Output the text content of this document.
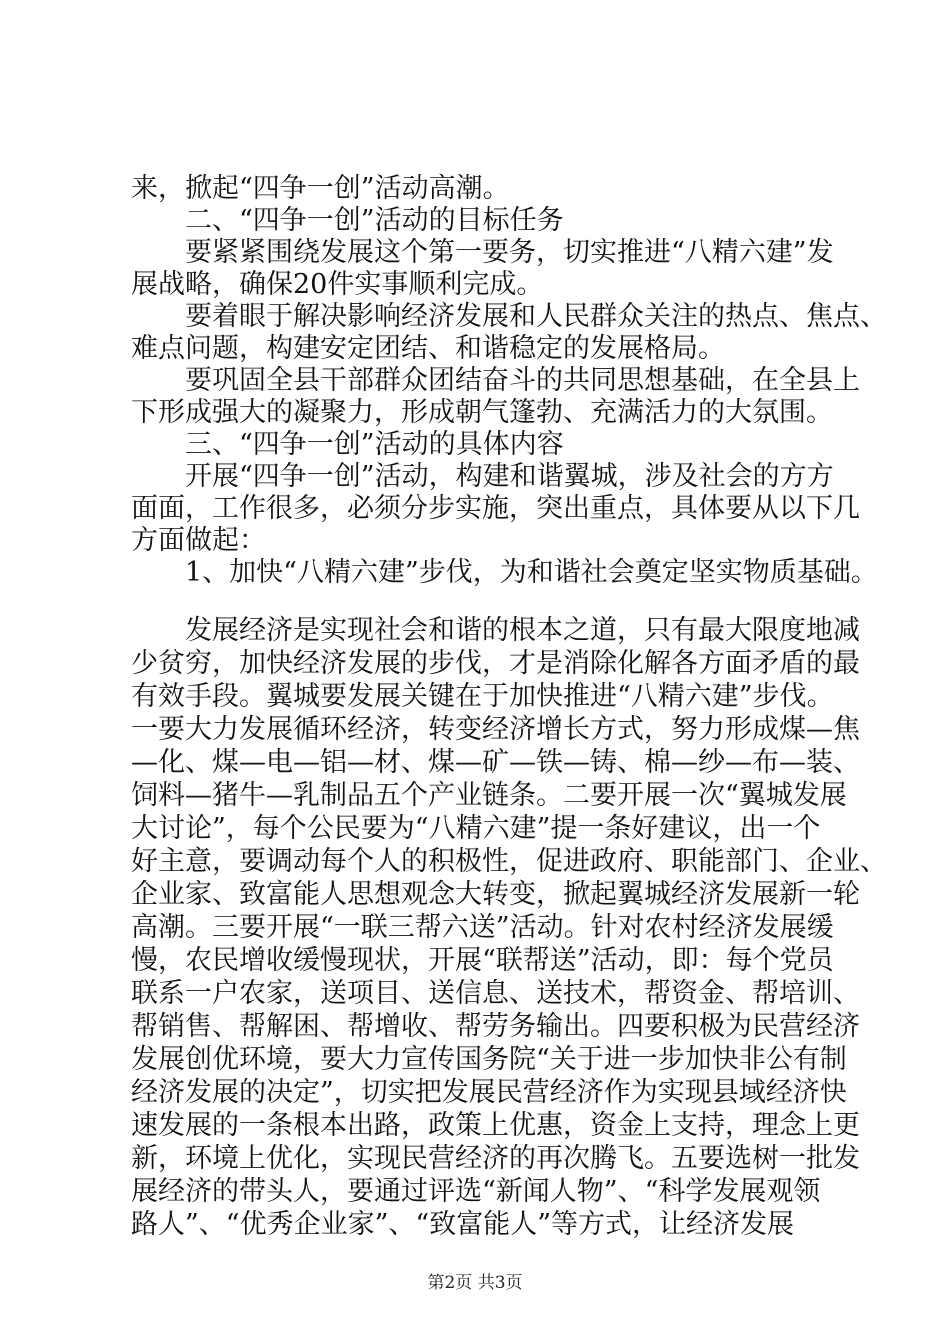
来，掀起“四争一创”活动高潮。
　　二、“四争一创”活动的目标任务
　　要紧紧围绕发展这个第一要务，切实推进“八精六建”发
展战略，确保20件实事顺利完成。
　　要着眼于解决影响经济发展和人民群众关注的热点、焦点、
难点问题，构建安定团结、和谐稳定的发展格局。
　　要巩固全县干部群众团结奋斗的共同思想基础，在全县上
下形成强大的凝聚力，形成朝气篷勃、充满活力的大氛围。
　　三、“四争一创”活动的具体内容
　　开展“四争一创”活动，构建和谐翼城，涉及社会的方方
面面，工作很多，必须分步实施，突出重点，具体要从以下几
方面做起：
　　1、加快“八精六建”步伐，为和谐社会奠定坚实物质基础。
　　发展经济是实现社会和谐的根本之道，只有最大限度地减
少贫穷，加快经济发展的步伐，才是消除化解各方面矛盾的最
有效手段。翼城要发展关键在于加快推进“八精六建”步伐。
一要大力发展循环经济，转变经济增长方式，努力形成煤—焦
—化、煤—电—铝—材、煤—矿—铁—铸、棉—纱—布—装、
饲料—猪牛—乳制品五个产业链条。二要开展一次“翼城发展
大讨论”，每个公民要为“八精六建”提一条好建议，出一个
好主意，要调动每个人的积极性，促进政府、职能部门、企业、
企业家、致富能人思想观念大转变，掀起翼城经济发展新一轮
高潮。三要开展“一联三帮六送”活动。针对农村经济发展缓
慢，农民增收缓慢现状，开展“联帮送”活动，即：每个党员
联系一户农家，送项目、送信息、送技术，帮资金、帮培训、
帮销售、帮解困、帮增收、帮劳务输出。四要积极为民营经济
发展创优环境，要大力宣传国务院“关于进一步加快非公有制
经济发展的决定”，切实把发展民营经济作为实现县域经济快
速发展的一条根本出路，政策上优惠，资金上支持，理念上更
新，环境上优化，实现民营经济的再次腾飞。五要选树一批发
展经济的带头人，要通过评选“新闻人物”、“科学发展观领
路人”、“优秀企业家”、“致富能人”等方式，让经济发展
第2页 共3页
